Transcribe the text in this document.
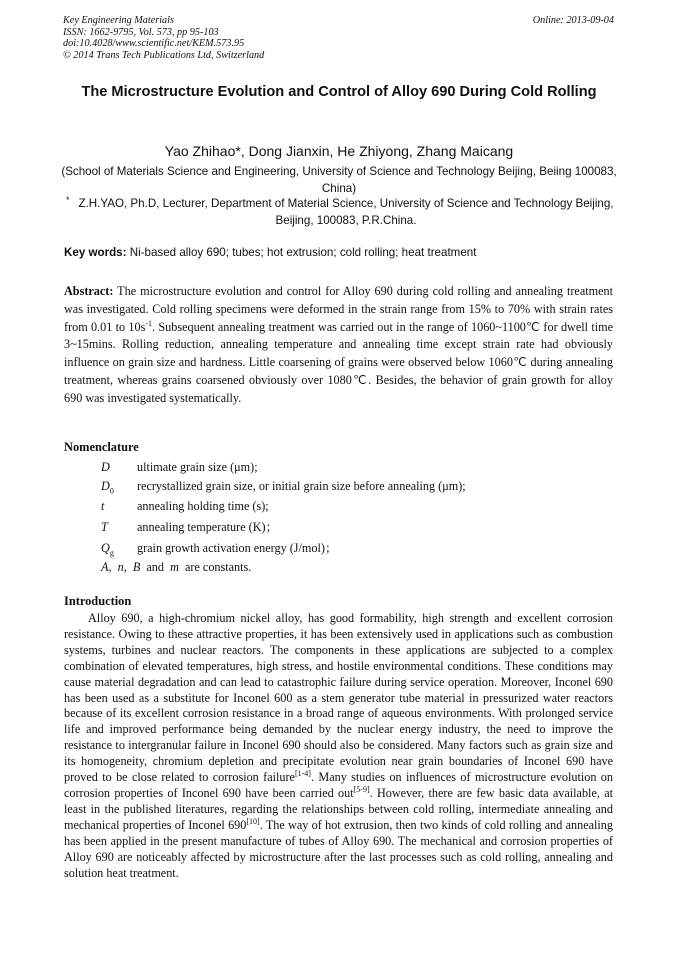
Key Engineering Materials
ISSN: 1662-9795, Vol. 573, pp 95-103
doi:10.4028/www.scientific.net/KEM.573.95
© 2014 Trans Tech Publications Ltd, Switzerland
Online: 2013-09-04
The Microstructure Evolution and Control of Alloy 690 During Cold Rolling
Yao Zhihao*, Dong Jianxin, He Zhiyong, Zhang Maicang
(School of Materials Science and Engineering, University of Science and Technology Beijing, Beiing 100083, China)
* Z.H.YAO, Ph.D, Lecturer, Department of Material Science, University of Science and Technology Beijing, Beijing, 100083, P.R.China.
Key words: Ni-based alloy 690; tubes; hot extrusion; cold rolling; heat treatment
Abstract: The microstructure evolution and control for Alloy 690 during cold rolling and annealing treatment was investigated. Cold rolling specimens were deformed in the strain range from 15% to 70% with strain rates from 0.01 to $10s^{-1}$. Subsequent annealing treatment was carried out in the range of 1060~1100℃ for dwell time 3~15mins. Rolling reduction, annealing temperature and annealing time except strain rate had obviously influence on grain size and hardness. Little coarsening of grains were observed below 1060℃ during annealing treatment, whereas grains coarsened obviously over 1080℃. Besides, the behavior of grain growth for alloy 690 was investigated systematically.
Nomenclature
D ultimate grain size (μm);
$D_0$ recrystallized grain size, or initial grain size before annealing (μm);
t	annealing holding time (s);
T annealing temperature (K)；
$Q_g$ grain growth activation energy (J/mol)；
A,  n,  B  and  m  are constants.
Introduction
Alloy 690, a high-chromium nickel alloy, has good formability, high strength and excellent corrosion resistance. Owing to these attractive properties, it has been extensively used in applications such as combustion systems, turbines and nuclear reactors. The components in these applications are subjected to a complex combination of elevated temperatures, high stress, and hostile environmental conditions. These conditions may cause material degradation and can lead to catastrophic failure during service operation. Moreover, Inconel 690 has been used as a substitute for Inconel 600 as a stem generator tube material in pressurized water reactors because of its excellent corrosion resistance in a broad range of aqueous environments. With prolonged service life and improved performance being demanded by the nuclear energy industry, the need to improve the resistance to intergranular failure in Inconel 690 should also be considered. Many factors such as grain size and its homogeneity, chromium depletion and precipitate evolution near grain boundaries of Inconel 690 have proved to be close related to corrosion failure[1-4]. Many studies on influences of microstructure evolution on corrosion properties of Inconel 690 have been carried out[5-9]. However, there are few basic data available, at least in the published literatures, regarding the relationships between cold rolling, intermediate annealing and mechanical properties of Inconel 690[10]. The way of hot extrusion, then two kinds of cold rolling and annealing has been applied in the present manufacture of tubes of Alloy 690. The mechanical and corrosion properties of Alloy 690 are noticeably affected by microstructure after the last processes such as cold rolling, annealing and solution heat treatment.
